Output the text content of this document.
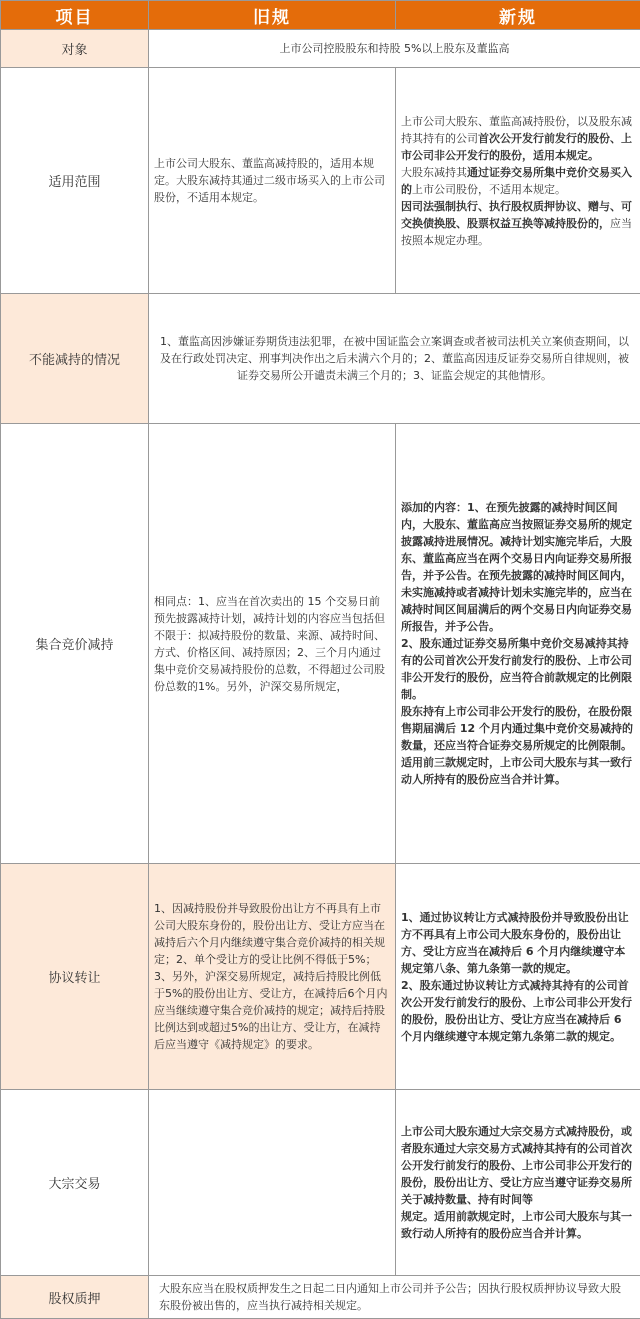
项目	旧规	新规
对象	上市公司控股股东和持股 5%以上股东及董监高	
适用范围	上市公司大股东、董监高减持股的，适用本规定。大股东减持其通过二级市场买入的上市公司股份，不适用本规定。	上市公司大股东、董监高减持股份，以及股东减持其持有的公司首次公开发行前发行的股份、上市公司非公开发行的股份，适用本规定。
大股东减持其通过证券交易所集中竞价交易买入的上市公司股份，不适用本规定。
因司法强制执行、执行股权质押协议、赠与、可交换债换股、股票权益互换等减持股份的，应当按照本规定办理。
不能减持的情况	1、董监高因涉嫌证券期货违法犯罪，在被中国证监会立案调查或者被司法机关立案侦查期间，以及在行政处罚决定、刑事判决作出之后未满六个月的；2、董监高因违反证券交易所自律规则，被证券交易所公开谴责未满三个月的；3、证监会规定的其他情形。	
集合竞价减持	相同点：1、应当在首次卖出的 15 个交易日前预先披露减持计划，减持计划的内容应当包括但不限于：拟减持股份的数量、来源、减持时间、方式、价格区间、减持原因；2、三个月内通过集中竞价交易减持股份的总数，不得超过公司股份总数的1%。另外，沪深交易所规定，	添加的内容：1、在预先披露的减持时间区间内，大股东、董监高应当按照证券交易所的规定披露减持进展情况。减持计划实施完毕后，大股东、董监高应当在两个交易日内向证券交易所报告，并予公告。在预先披露的减持时间区间内，未实施减持或者减持计划未实施完毕的，应当在减持时间区间届满后的两个交易日内向证券交易所报告，并予公告。
2、股东通过证券交易所集中竞价交易减持其持有的公司首次公开发行前发行的股份、上市公司非公开发行的股份，应当符合前款规定的比例限制。
股东持有上市公司非公开发行的股份，在股份限售期届满后 12 个月内通过集中竞价交易减持的数量，还应当符合证券交易所规定的比例限制。
适用前三款规定时，上市公司大股东与其一致行动人所持有的股份应当合并计算。

协议转让	1、因减持股份并导致股份出让方不再具有上市公司大股东身份的，股份出让方、受让方应当在减持后六个月内继续遵守集合竞价减持的相关规定；2、单个受让方的受让比例不得低于5%；3、另外，沪深交易所规定，减持后持股比例低于5%的股份出让方、受让方，在减持后6个月内应当继续遵守集合竞价减持的规定；减持后持股比例达到或超过5%的出让方、受让方，在减持后应当遵守《减持规定》的要求。	1、通过协议转让方式减持股份并导致股份出让方不再具有上市公司大股东身份的，股份出让方、受让方应当在减持后 6 个月内继续遵守本规定第八条、第九条第一款的规定。
2、股东通过协议转让方式减持其持有的公司首次公开发行前发行的股份、上市公司非公开发行的股份，股份出让方、受让方应当在减持后 6 个月内继续遵守本规定第九条第二款的规定。

大宗交易		上市公司大股东通过大宗交易方式减持股份，或者股东通过大宗交易方式减持其持有的公司首次公开发行前发行的股份、上市公司非公开发行的股份，股份出让方、受让方应当遵守证券交易所关于减持数量、持有时间等
规定。适用前款规定时，上市公司大股东与其一致行动人所持有的股份应当合并计算。

股权质押	大股东应当在股权质押发生之日起二日内通知上市公司并予公告；因执行股权质押协议导致大股东股份被出售的，应当执行减持相关规定。	
